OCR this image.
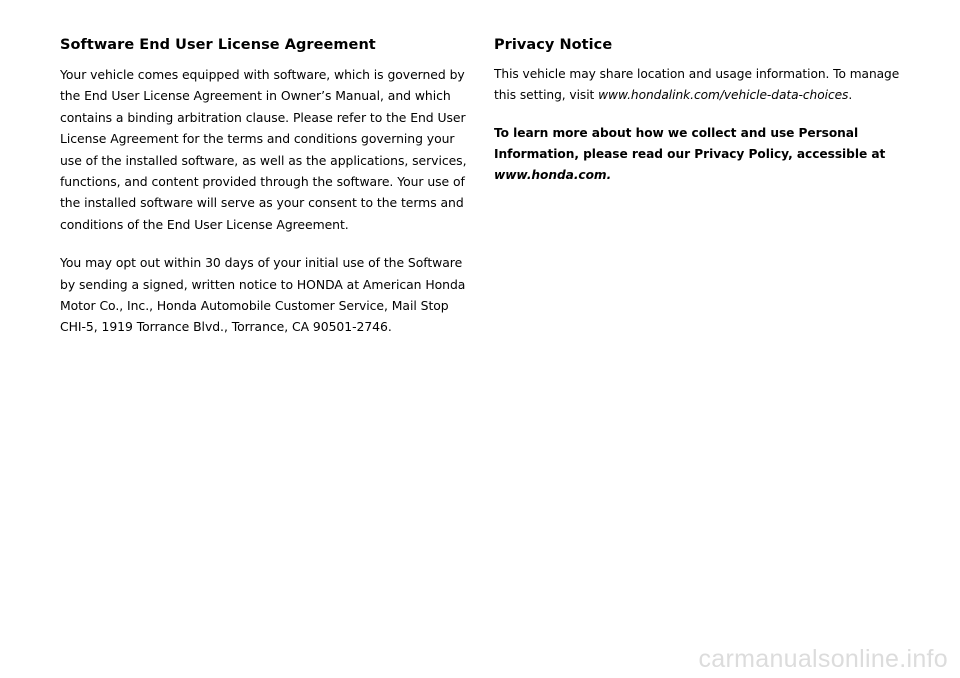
Software End User License Agreement

Your vehicle comes equipped with software, which is governed by the End User License Agreement in Owner’s Manual, and which contains a binding arbitration clause. Please refer to the End User License Agreement for the terms and conditions governing your use of the installed software, as well as the applications, services, functions, and content provided through the software. Your use of the installed software will serve as your consent to the terms and conditions of the End User License Agreement.

You may opt out within 30 days of your initial use of the Software by sending a signed, written notice to HONDA at American Honda Motor Co., Inc., Honda Automobile Customer Service, Mail Stop CHI-5, 1919 Torrance Blvd., Torrance, CA 90501-2746.

Privacy Notice

This vehicle may share location and usage information. To manage this setting, visit www.hondalink.com/vehicle-data-choices.

To learn more about how we collect and use Personal Information, please read our Privacy Policy, accessible at www.honda.com.

carmanualsonline.info
